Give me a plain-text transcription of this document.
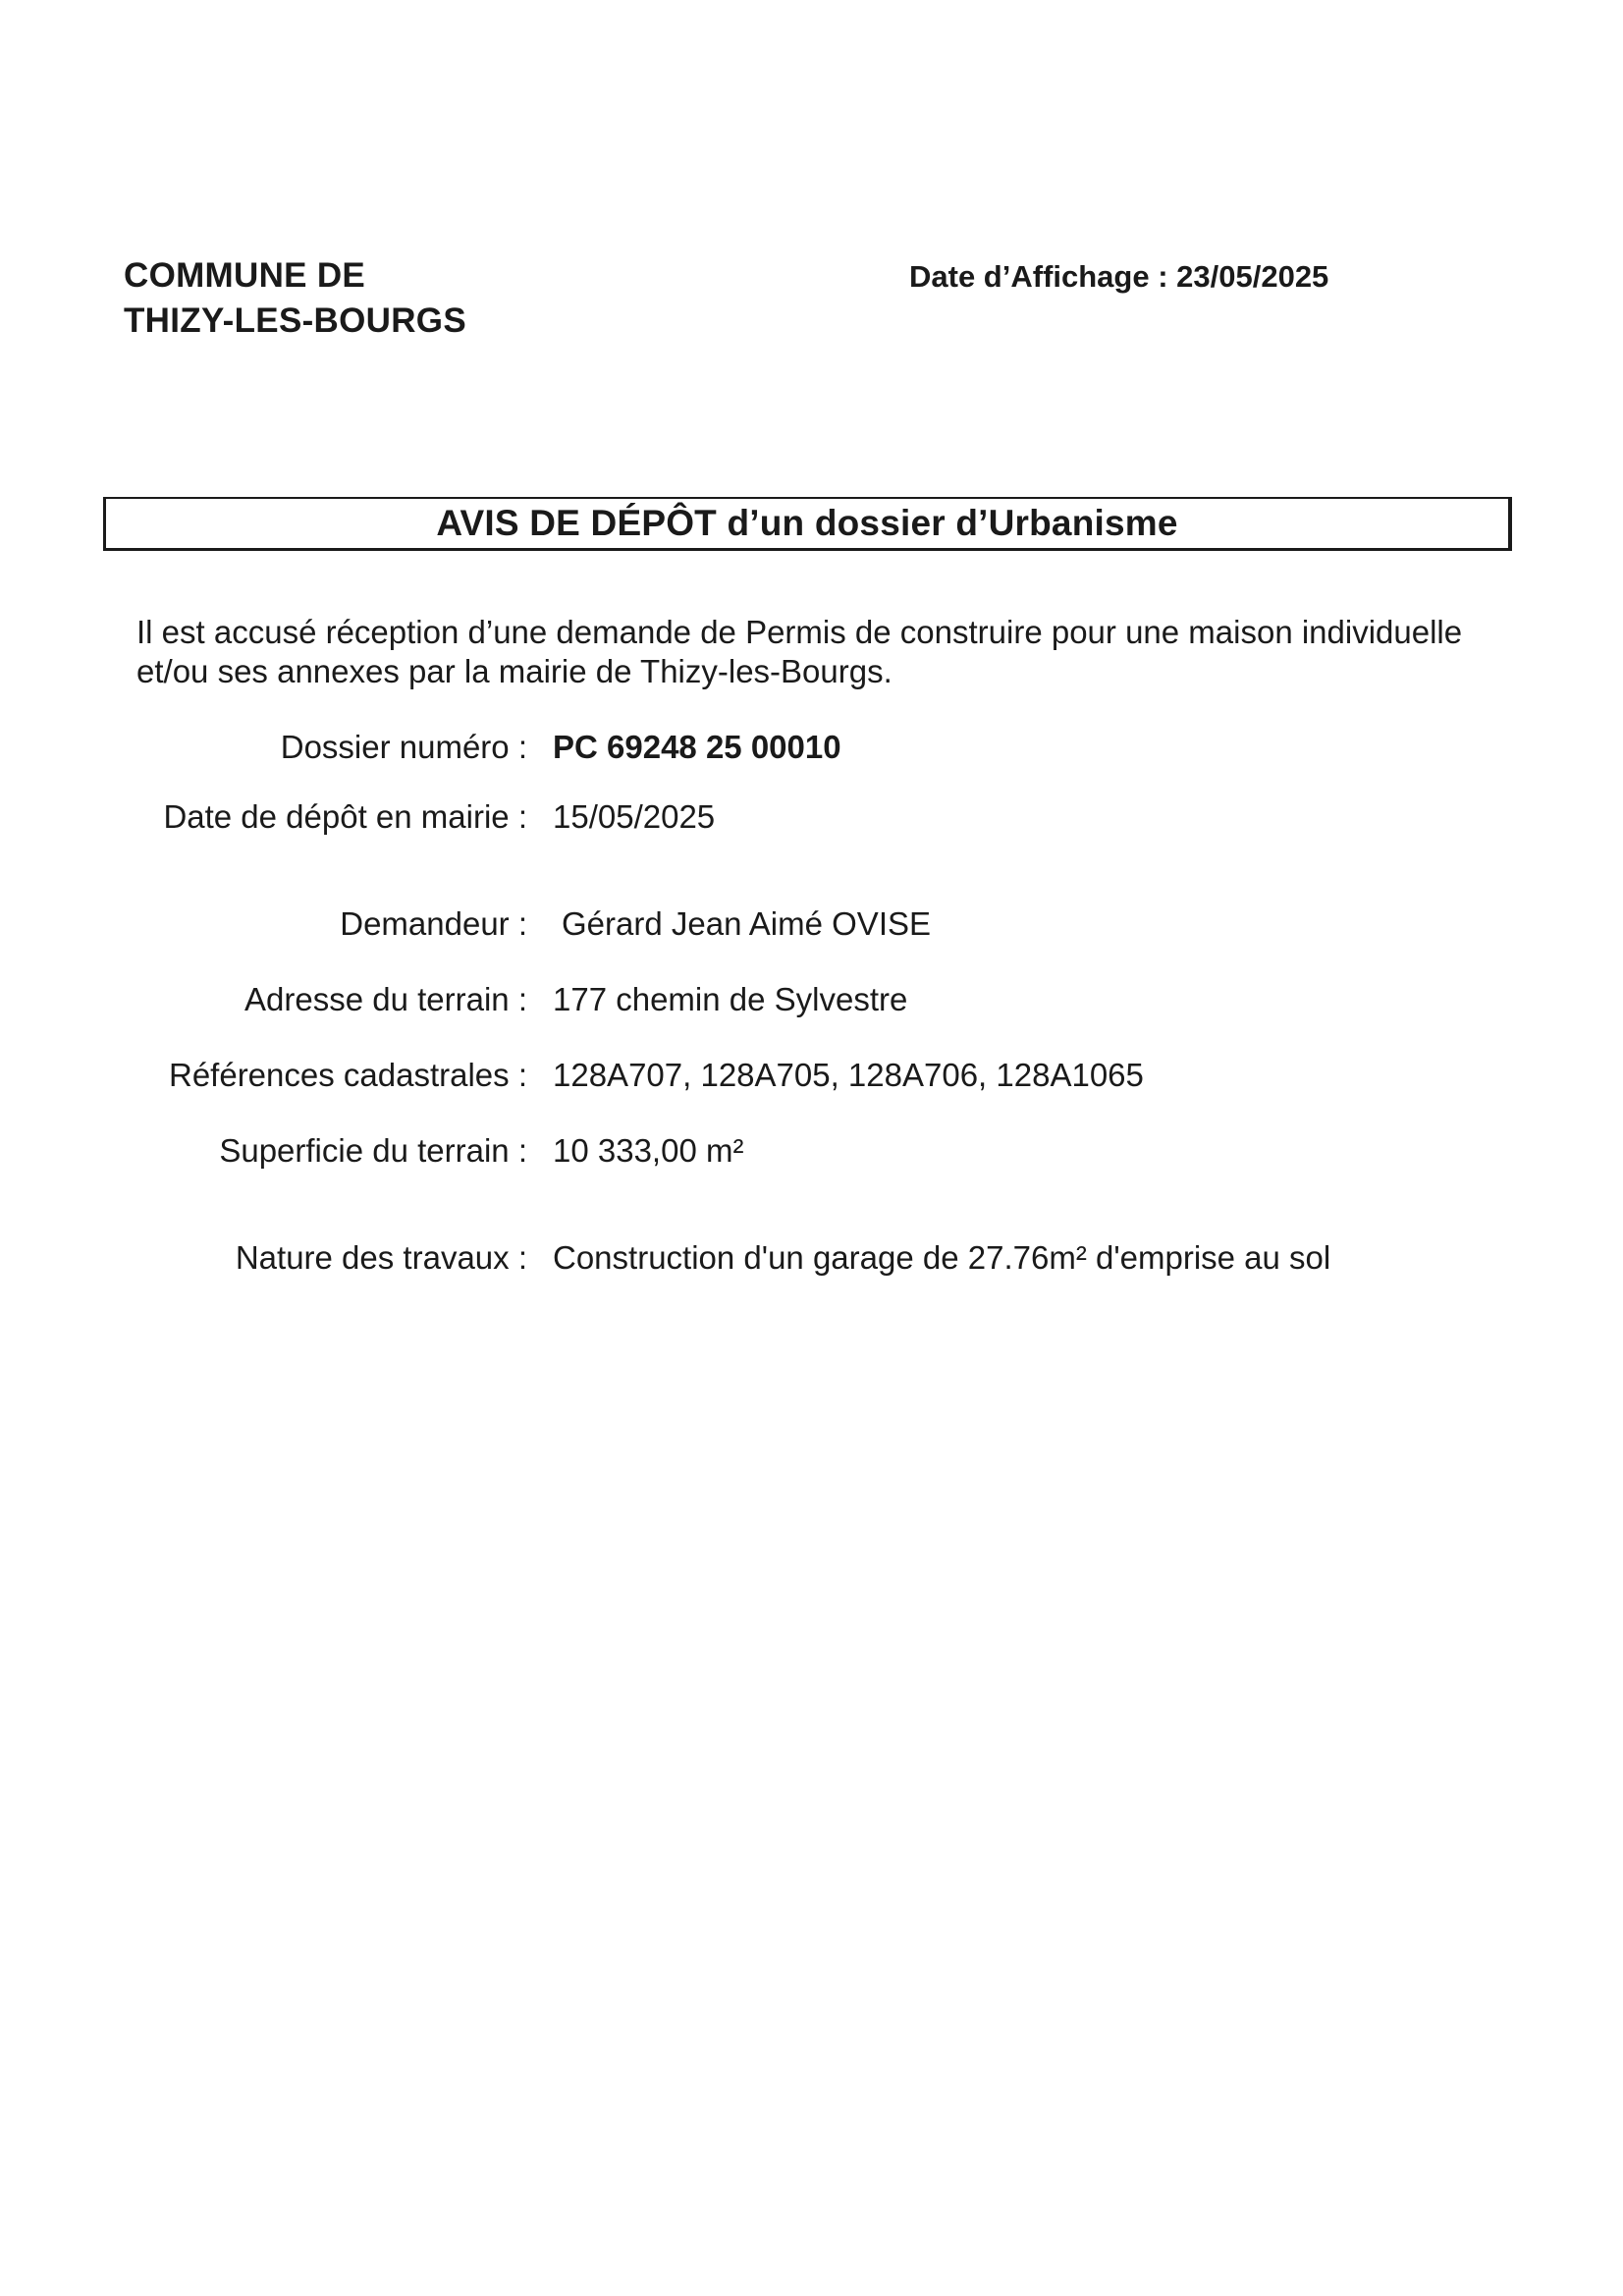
COMMUNE DE
THIZY-LES-BOURGS
Date d’Affichage : 23/05/2025
AVIS DE DÉPÔT d’un dossier d’Urbanisme
Il est accusé réception d’une demande de Permis de construire pour une maison individuelle
et/ou ses annexes par la mairie de Thizy-les-Bourgs.
Dossier numéro : PC 69248 25 00010
Date de dépôt en mairie : 15/05/2025
Demandeur : Gérard Jean Aimé OVISE
Adresse du terrain : 177 chemin de Sylvestre
Références cadastrales : 128A707, 128A705, 128A706, 128A1065
Superficie du terrain : 10 333,00 m²
Nature des travaux : Construction d'un garage de 27.76m² d'emprise au sol
